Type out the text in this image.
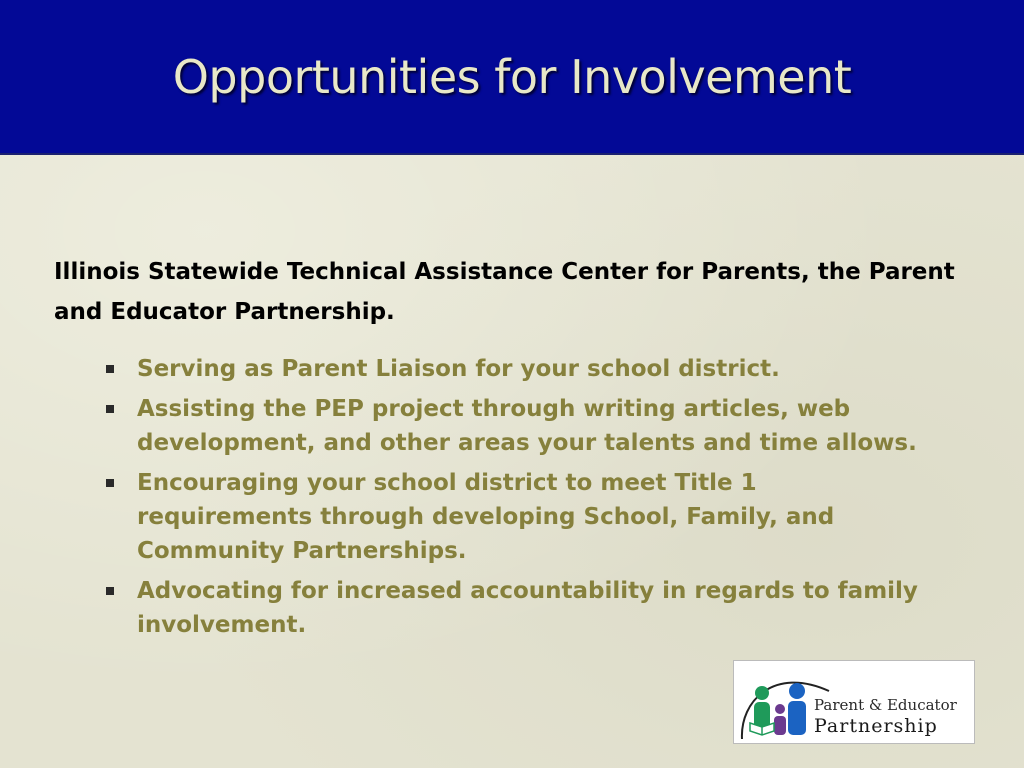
Opportunities for Involvement
Illinois Statewide Technical Assistance Center for Parents, the Parent and Educator Partnership.
Serving as Parent Liaison for your school district.
Assisting the PEP project through writing articles, web development, and other areas your talents and time allows.
Encouraging your school district to meet Title 1 requirements through developing School, Family, and Community Partnerships.
Advocating for increased accountability in regards to family involvement.
Parent & Educator
Partnership
